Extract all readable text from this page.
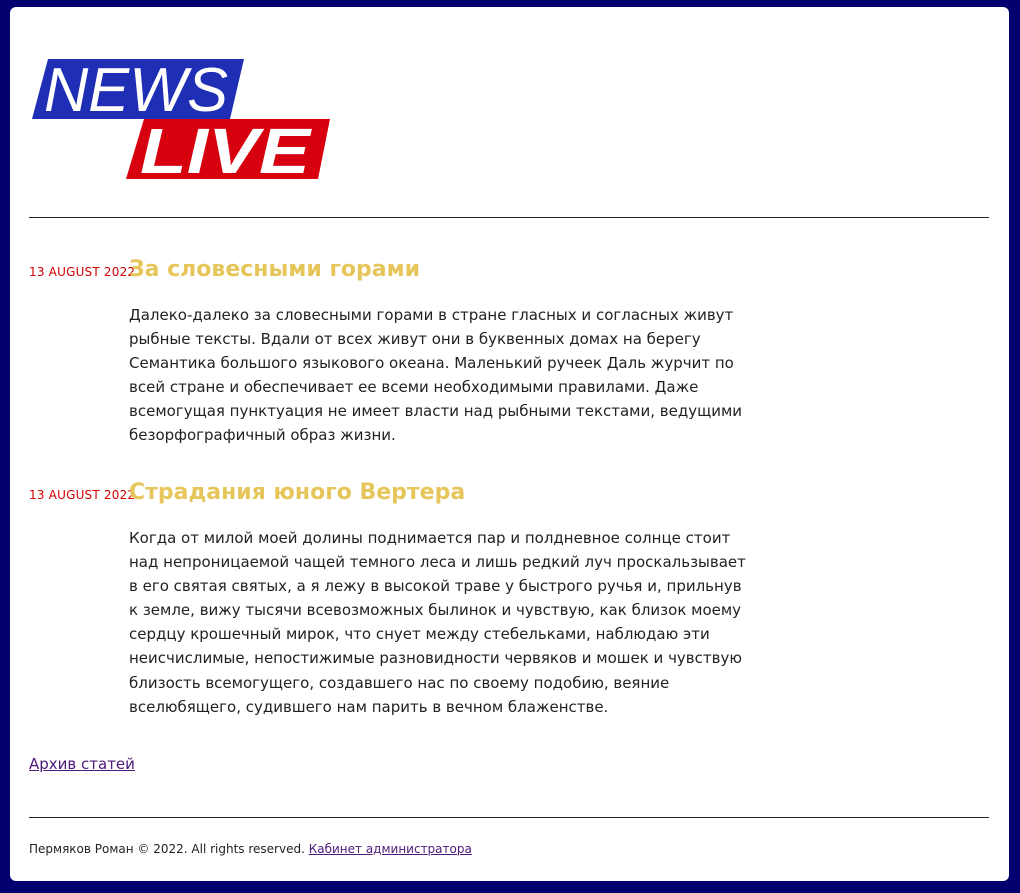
NEWS
LIVE
13 AUGUST 2022
За словесными горами

Далеко-далеко за словесными горами в стране гласных и согласных живут рыбные тексты. Вдали от всех живут они в буквенных домах на берегу Семантика большого языкового океана. Маленький ручеек Даль журчит по всей стране и обеспечивает ее всеми необходимыми правилами. Даже всемогущая пунктуация не имеет власти над рыбными текстами, ведущими безорфографичный образ жизни.

13 AUGUST 2022
Страдания юного Вертера

Когда от милой моей долины поднимается пар и полдневное солнце стоит над непроницаемой чащей темного леса и лишь редкий луч проскальзывает в его святая святых, а я лежу в высокой траве у быстрого ручья и, прильнув к земле, вижу тысячи всевозможных былинок и чувствую, как близок моему сердцу крошечный мирок, что снует между стебельками, наблюдаю эти неисчислимые, непостижимые разновидности червяков и мошек и чувствую близость всемогущего, создавшего нас по своему подобию, веяние вселюбящего, судившего нам парить в вечном блаженстве.

Архив статей
Пермяков Роман © 2022. All rights reserved. Кабинет администратора
